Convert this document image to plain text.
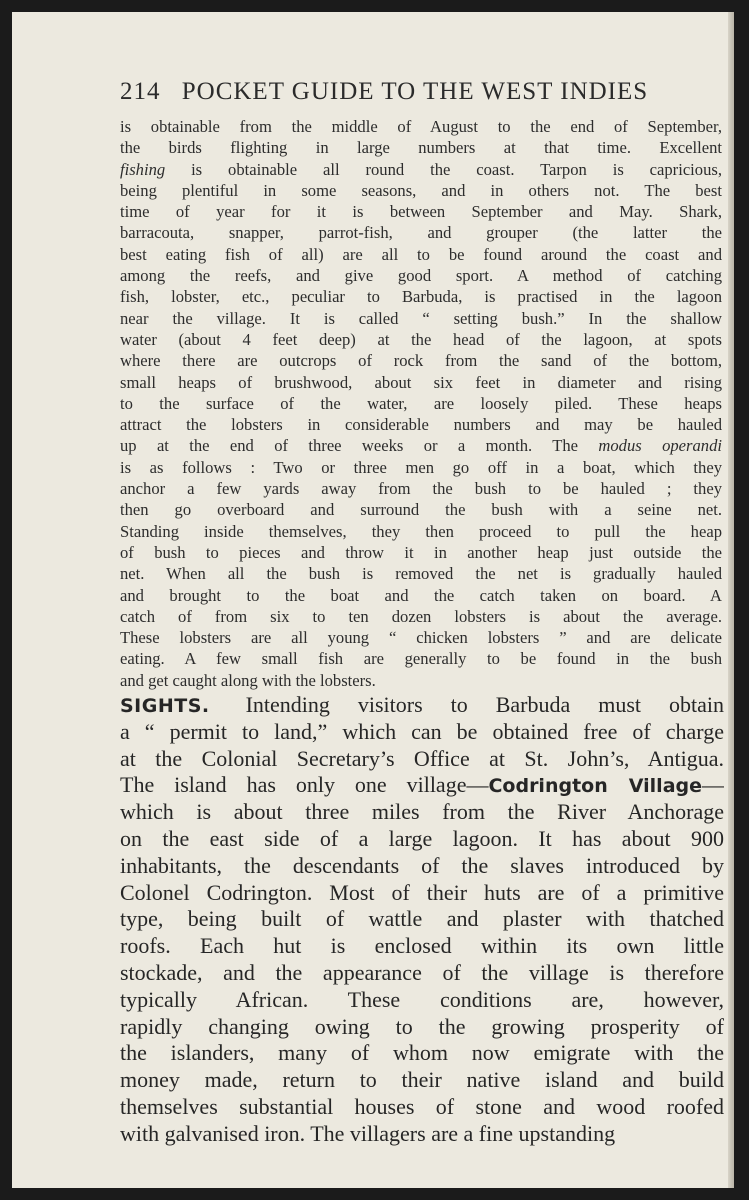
214 POCKET GUIDE TO THE WEST INDIES
is obtainable from the middle of August to the end of September,
the birds flighting in large numbers at that time. Excellent
fishing is obtainable all round the coast. Tarpon is capricious,
being plentiful in some seasons, and in others not. The best
time of year for it is between September and May. Shark,
barracouta, snapper, parrot-fish, and grouper (the latter the
best eating fish of all) are all to be found around the coast and
among the reefs, and give good sport. A method of catching
fish, lobster, etc., peculiar to Barbuda, is practised in the lagoon
near the village. It is called “ setting bush.” In the shallow
water (about 4 feet deep) at the head of the lagoon, at spots
where there are outcrops of rock from the sand of the bottom,
small heaps of brushwood, about six feet in diameter and rising
to the surface of the water, are loosely piled. These heaps
attract the lobsters in considerable numbers and may be hauled
up at the end of three weeks or a month. The modus operandi
is as follows : Two or three men go off in a boat, which they
anchor a few yards away from the bush to be hauled ; they
then go overboard and surround the bush with a seine net.
Standing inside themselves, they then proceed to pull the heap
of bush to pieces and throw it in another heap just outside the
net. When all the bush is removed the net is gradually hauled
and brought to the boat and the catch taken on board. A
catch of from six to ten dozen lobsters is about the average.
These lobsters are all young “ chicken lobsters ” and are delicate
eating. A few small fish are generally to be found in the bush
and get caught along with the lobsters.
SIGHTS. Intending visitors to Barbuda must obtain
a “ permit to land,” which can be obtained free of charge
at the Colonial Secretary’s Office at St. John’s, Antigua.
The island has only one village—Codrington Village—
which is about three miles from the River Anchorage
on the east side of a large lagoon. It has about 900
inhabitants, the descendants of the slaves introduced by
Colonel Codrington. Most of their huts are of a primitive
type, being built of wattle and plaster with thatched
roofs. Each hut is enclosed within its own little
stockade, and the appearance of the village is therefore
typically African. These conditions are, however,
rapidly changing owing to the growing prosperity of
the islanders, many of whom now emigrate with the
money made, return to their native island and build
themselves substantial houses of stone and wood roofed
with galvanised iron. The villagers are a fine upstanding
